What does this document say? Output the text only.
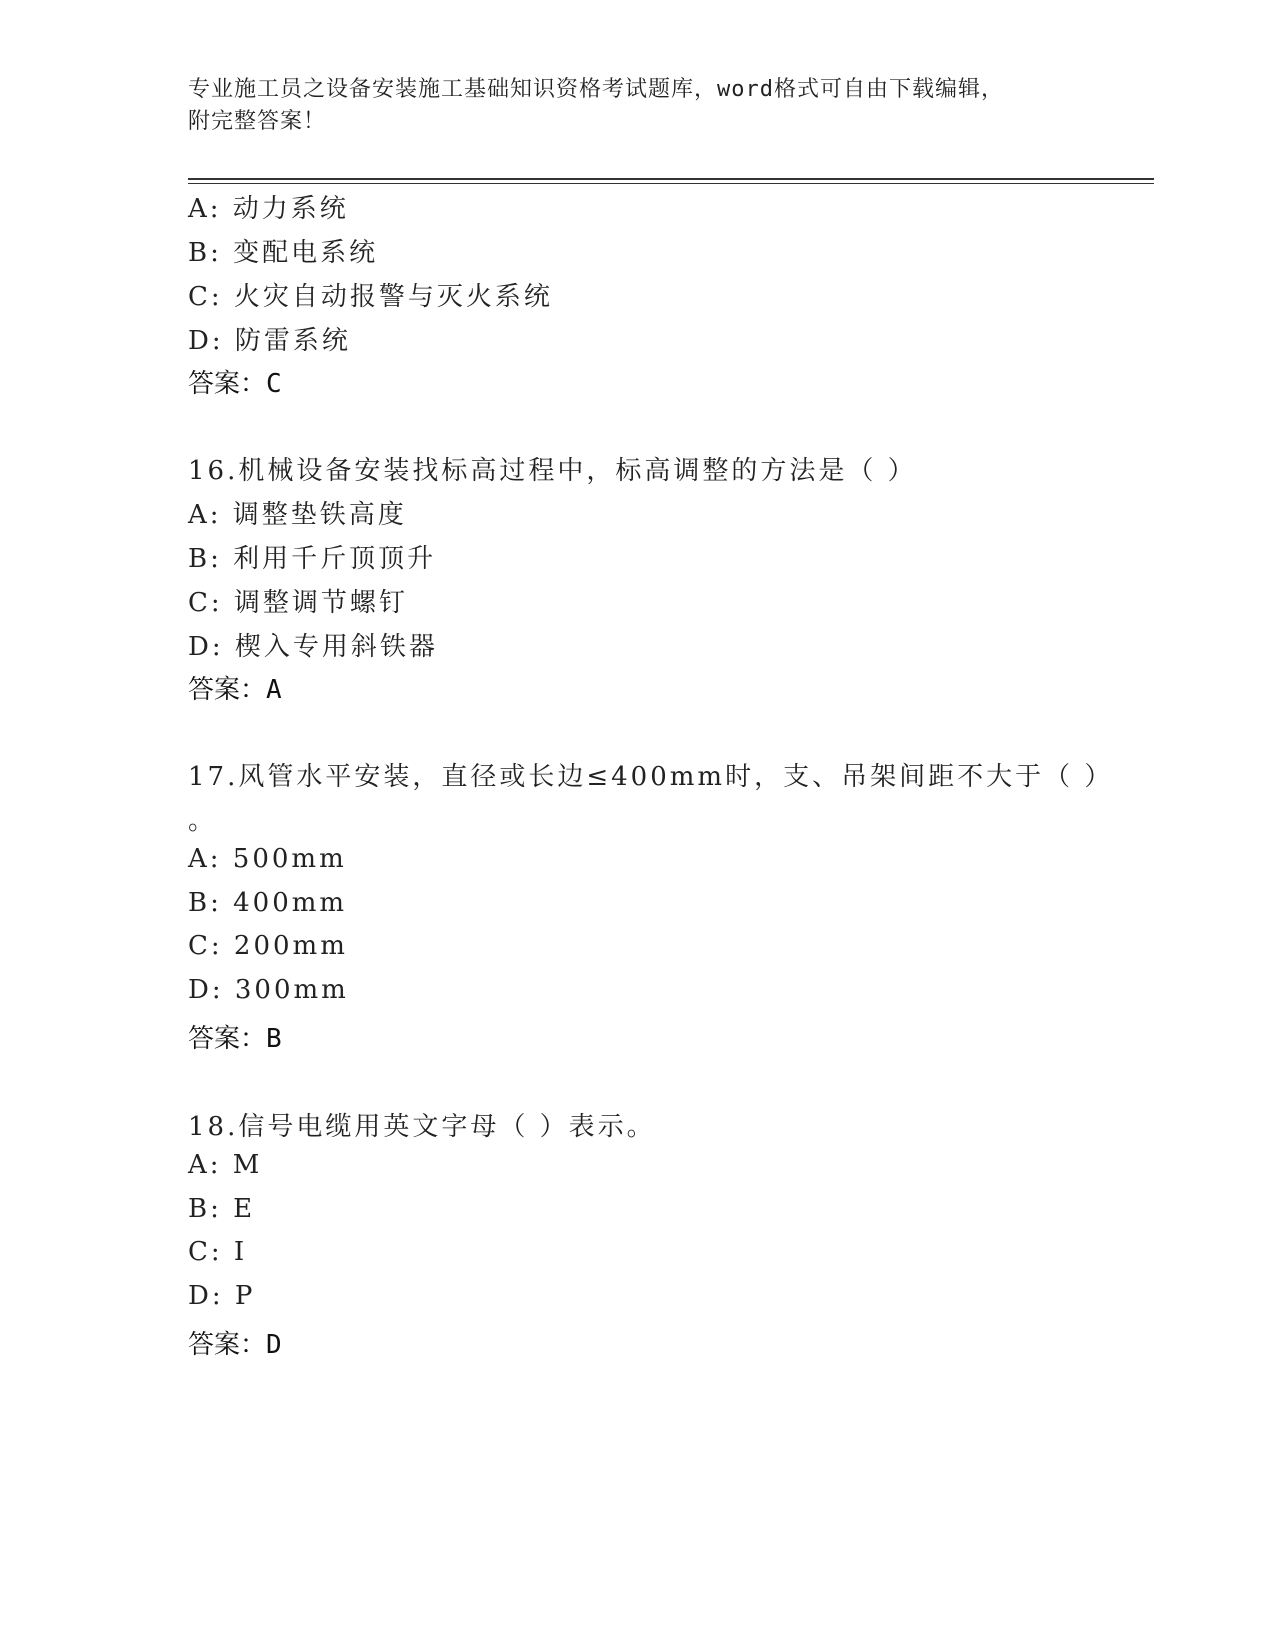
专业施工员之设备安装施工基础知识资格考试题库，word格式可自由下载编辑，
附完整答案！
A: 动力系统
B: 变配电系统
C: 火灾自动报警与灭火系统
D: 防雷系统
答案：C
16.机械设备安装找标高过程中，标高调整的方法是（ ）
A: 调整垫铁高度
B: 利用千斤顶顶升
C: 调整调节螺钉
D: 楔入专用斜铁器
答案：A
17.风管水平安装，直径或长边≤400mm时，支、吊架间距不大于（ ）
。
A: 500mm
B: 400mm
C: 200mm
D: 300mm
答案：B
18.信号电缆用英文字母（ ）表示。
A: M
B: E
C: I
D: P
答案：D
